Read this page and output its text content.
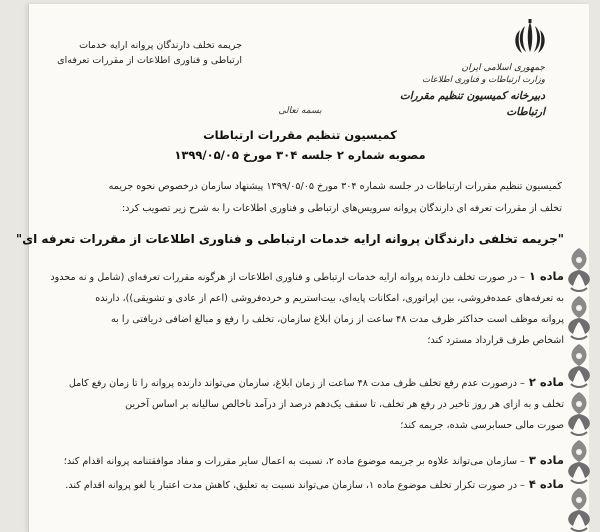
جمهوری اسلامی ایران
وزارت ارتباطات و فناوری اطلاعات
دبیرخانه کمیسیون تنظیم مقررات ارتباطات
جریمه تخلف دارندگان پروانه ارایه خدمات
ارتباطی و فناوری اطلاعات از مقررات تعرفه‌ای
بسمه تعالی
کمیسیون تنظیم مقررات ارتباطات
مصوبه شماره ۲ جلسه ۳۰۴ مورخ ۱۳۹۹/۰۵/۰۵
کمیسیون تنظیم مقررات ارتباطات در جلسه شماره ۳۰۴ مورخ ۱۳۹۹/۰۵/۰۵ پیشنهاد سازمان درخصوص نحوه جریمه
تخلف از مقررات تعرفه ای دارندگان پروانه سرویس‌های ارتباطی و فناوری اطلاعات را به شرح زیر تصویب کرد:
"جریمه تخلفی دارندگان پروانه ارایه خدمات ارتباطی و فناوری اطلاعات از مقررات تعرفه ای"
ماده ۱– در صورت تخلف دارنده پروانه ارایه خدمات ارتباطی و فناوری اطلاعات از هرگونه مقررات تعرفه‌ای (شامل و نه محدود
به تعرفه‌های عمده‌فروشی، بین اپراتوری، امکانات پایه‌ای، بیت‌استریم و خرده‌فروشی (اعم از عادی و تشویقی))، دارنده
پروانه موظف است حداکثر ظرف مدت ۴۸ ساعت از زمان ابلاغ سازمان، تخلف را رفع و مبالغ اضافی دریافتی را به
اشخاص طرف قرارداد مسترد کند؛
ماده ۲– درصورت عدم رفع تخلف ظرف مدت ۴۸ ساعت از زمان ابلاغ، سازمان می‌تواند دارنده پروانه را تا زمان رفع کامل
تخلف و به ازای هر روز تاخیر در رفع هر تخلف، تا سقف یک‌دهم درصد از درآمد ناخالص سالیانه بر اساس آخرین
صورت مالی حسابرسی شده، جریمه کند؛
ماده ۳– سازمان می‌تواند علاوه بر جریمه موضوع ماده ۲، نسبت به اعمال سایر مقررات و مفاد موافقتنامه پروانه اقدام کند؛
ماده ۴– در صورت تکرار تخلف موضوع ماده ۱، سازمان می‌تواند نسبت به تعلیق، کاهش مدت اعتبار یا لغو پروانه اقدام کند.
